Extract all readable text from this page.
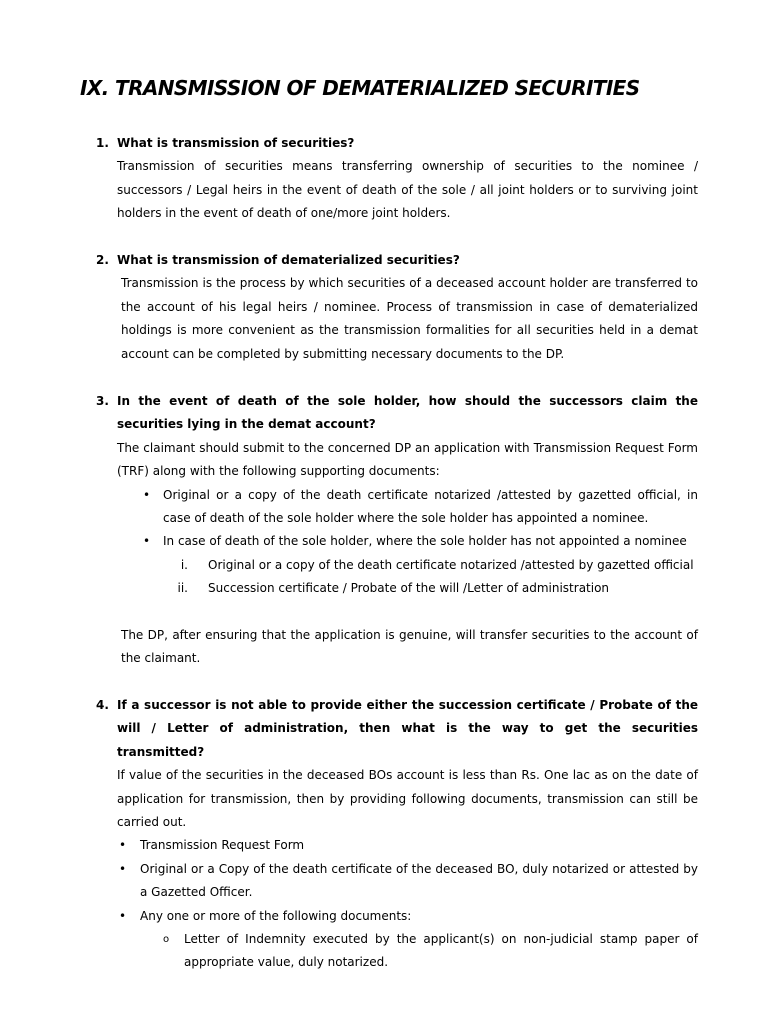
IX. TRANSMISSION OF DEMATERIALIZED SECURITIES
1. What is transmission of securities?
Transmission of securities means transferring ownership of securities to the nominee / successors / Legal heirs in the event of death of the sole / all joint holders or to surviving joint holders in the event of death of one/more joint holders.
2. What is transmission of dematerialized securities?
Transmission is the process by which securities of a deceased account holder are transferred to the account of his legal heirs / nominee. Process of transmission in case of dematerialized holdings is more convenient as the transmission formalities for all securities held in a demat account can be completed by submitting necessary documents to the DP.
3. In the event of death of the sole holder, how should the successors claim the securities lying in the demat account?
The claimant should submit to the concerned DP an application with Transmission Request Form (TRF) along with the following supporting documents:
• Original or a copy of the death certificate notarized /attested by gazetted official, in case of death of the sole holder where the sole holder has appointed a nominee.
• In case of death of the sole holder, where the sole holder has not appointed a nominee
i. Original or a copy of the death certificate notarized /attested by gazetted official
ii. Succession certificate / Probate of the will /Letter of administration
The DP, after ensuring that the application is genuine, will transfer securities to the account of the claimant.
4. If a successor is not able to provide either the succession certificate / Probate of the will / Letter of administration, then what is the way to get the securities transmitted?
If value of the securities in the deceased BOs account is less than Rs. One lac as on the date of application for transmission, then by providing following documents, transmission can still be carried out.
• Transmission Request Form
• Original or a Copy of the death certificate of the deceased BO, duly notarized or attested by a Gazetted Officer.
• Any one or more of the following documents:
o Letter of Indemnity executed by the applicant(s) on non-judicial stamp paper of appropriate value, duly notarized.
